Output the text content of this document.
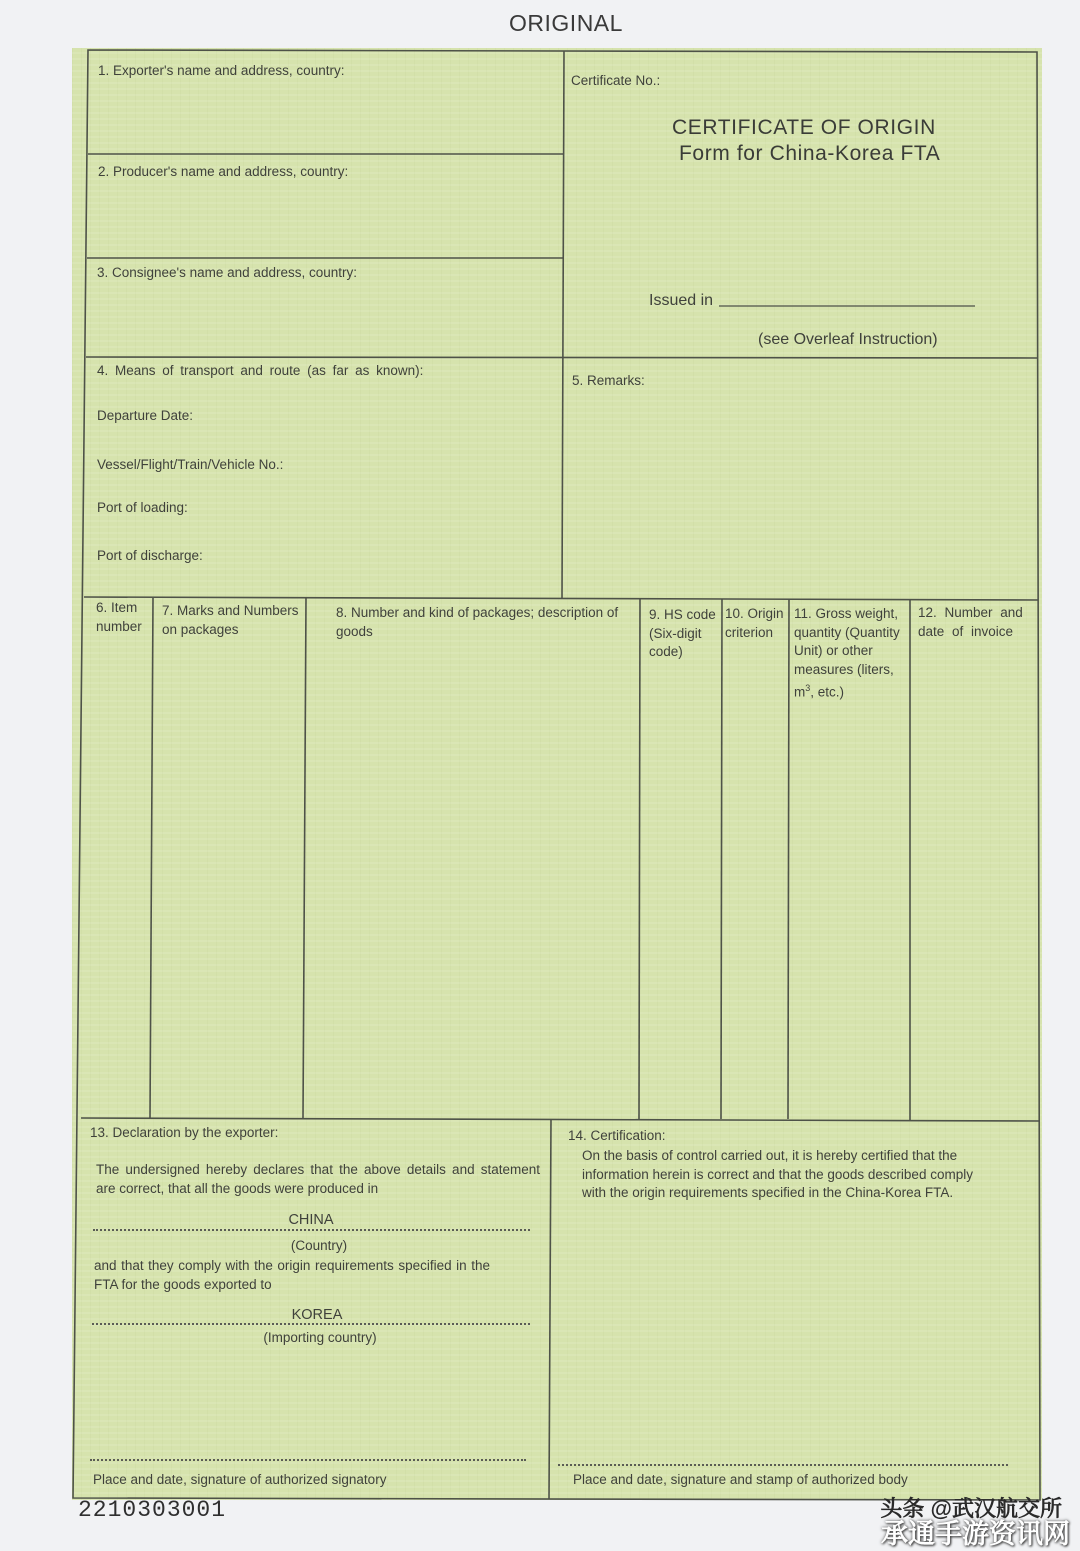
ORIGINAL
1. Exporter's name and address, country:
2. Producer's name and address, country:
3. Consignee's name and address, country:
Certificate No.:
CERTIFICATE OF ORIGIN
Form for China-Korea FTA
Issued in
(see Overleaf Instruction)
4. Means of transport and route (as far as known):
Departure Date:
Vessel/Flight/Train/Vehicle No.:
Port of loading:
Port of discharge:
5. Remarks:
6. Item number
7. Marks and Numbers on packages
8. Number and kind of packages; description of goods
9. HS code (Six-digit code)
10. Origin criterion
11. Gross weight, quantity (Quantity Unit) or other measures (liters, $m^3$, etc.)
12. Number and date of invoice
13. Declaration by the exporter:
The undersigned hereby declares that the above details and statement are correct, that all the goods were produced in
CHINA
(Country)
and that they comply with the origin requirements specified in the FTA for the goods exported to
KOREA
(Importing country)
Place and date, signature of authorized signatory
14. Certification:
On the basis of control carried out, it is hereby certified that the information herein is correct and that the goods described comply with the origin requirements specified in the China-Korea FTA.
Place and date, signature and stamp of authorized body
2210303001	头条 @武汉航交所
承通手游资讯网
